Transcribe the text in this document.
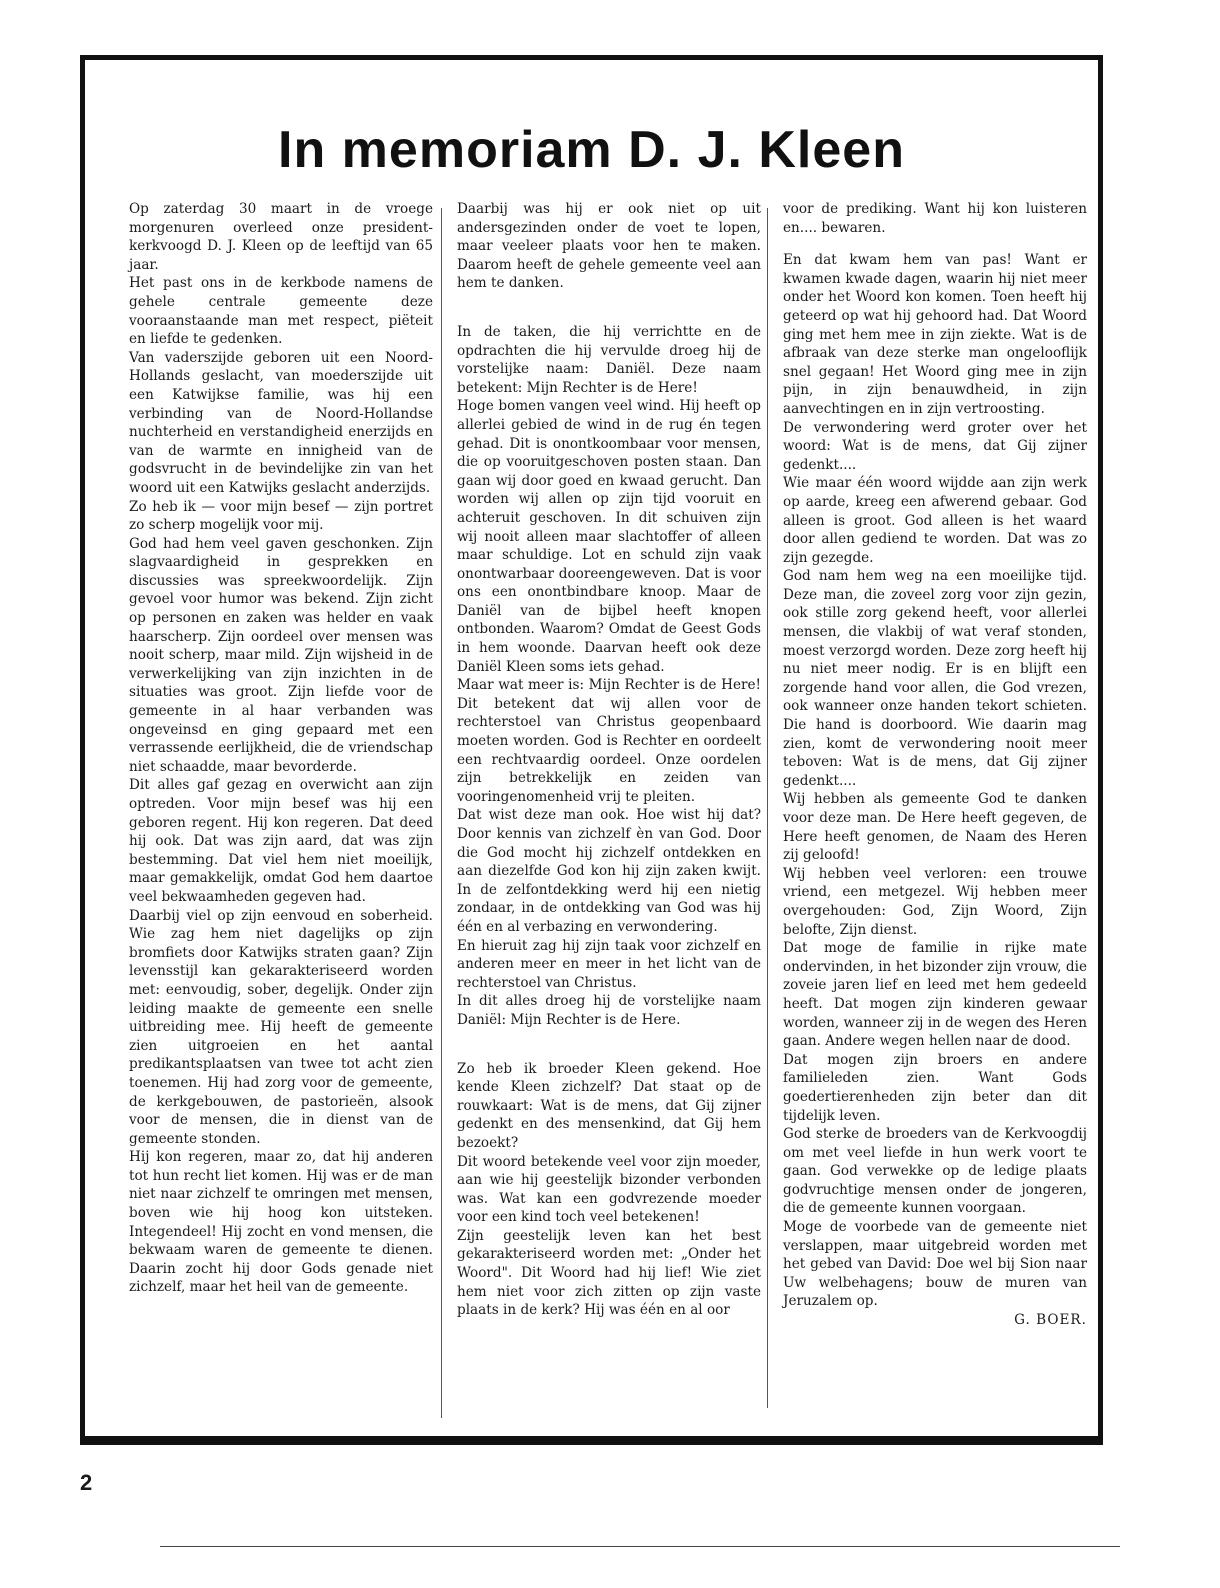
In memoriam D. J. Kleen

Op zaterdag 30 maart in de vroege morgenuren overleed onze president-kerkvoogd D. J. Kleen op de leeftijd van 65 jaar.

Het past ons in de kerkbode namens de gehele centrale gemeente deze vooraanstaande man met respect, piëteit en liefde te gedenken.

Van vaderszijde geboren uit een Noord-Hollands geslacht, van moederszijde uit een Katwijkse familie, was hij een verbinding van de Noord-Hollandse nuchterheid en verstandigheid enerzijds en van de warmte en innigheid van de godsvrucht in de bevindelijke zin van het woord uit een Katwijks geslacht anderzijds.

Zo heb ik — voor mijn besef — zijn portret zo scherp mogelijk voor mij.

God had hem veel gaven geschonken. Zijn slagvaardigheid in gesprekken en discussies was spreekwoordelijk. Zijn gevoel voor humor was bekend. Zijn zicht op personen en zaken was helder en vaak haarscherp. Zijn oordeel over mensen was nooit scherp, maar mild. Zijn wijsheid in de verwerkelijking van zijn inzichten in de situaties was groot. Zijn liefde voor de gemeente in al haar verbanden was ongeveinsd en ging gepaard met een verrassende eerlijkheid, die de vriendschap niet schaadde, maar bevorderde.

Dit alles gaf gezag en overwicht aan zijn optreden. Voor mijn besef was hij een geboren regent. Hij kon regeren. Dat deed hij ook. Dat was zijn aard, dat was zijn bestemming. Dat viel hem niet moeilijk, maar gemakkelijk, omdat God hem daartoe veel bekwaamheden gegeven had.

Daarbij viel op zijn eenvoud en soberheid. Wie zag hem niet dagelijks op zijn bromfiets door Katwijks straten gaan? Zijn levensstijl kan gekarakteriseerd worden met: eenvoudig, sober, degelijk. Onder zijn leiding maakte de gemeente een snelle uitbreiding mee. Hij heeft de gemeente zien uitgroeien en het aantal predikantsplaatsen van twee tot acht zien toenemen. Hij had zorg voor de gemeente, de kerkgebouwen, de pastorieën, alsook voor de mensen, die in dienst van de gemeente stonden.

Hij kon regeren, maar zo, dat hij anderen tot hun recht liet komen. Hij was er de man niet naar zichzelf te omringen met mensen, boven wie hij hoog kon uitsteken. Integendeel! Hij zocht en vond mensen, die bekwaam waren de gemeente te dienen. Daarin zocht hij door Gods genade niet zichzelf, maar het heil van de gemeente.

Daarbij was hij er ook niet op uit andersgezinden onder de voet te lopen, maar veeleer plaats voor hen te maken. Daarom heeft de gehele gemeente veel aan hem te danken.

In de taken, die hij verrichtte en de opdrachten die hij vervulde droeg hij de vorstelijke naam: Daniël. Deze naam betekent: Mijn Rechter is de Here!

Hoge bomen vangen veel wind. Hij heeft op allerlei gebied de wind in de rug én tegen gehad. Dit is onontkoombaar voor mensen, die op vooruitgeschoven posten staan. Dan gaan wij door goed en kwaad gerucht. Dan worden wij allen op zijn tijd vooruit en achteruit geschoven. In dit schuiven zijn wij nooit alleen maar slachtoffer of alleen maar schuldige. Lot en schuld zijn vaak onontwarbaar dooreengeweven. Dat is voor ons een onontbindbare knoop. Maar de Daniël van de bijbel heeft knopen ontbonden. Waarom? Omdat de Geest Gods in hem woonde. Daarvan heeft ook deze Daniël Kleen soms iets gehad.

Maar wat meer is: Mijn Rechter is de Here! Dit betekent dat wij allen voor de rechterstoel van Christus geopenbaard moeten worden. God is Rechter en oordeelt een rechtvaardig oordeel. Onze oordelen zijn betrekkelijk en zeiden van vooringenomenheid vrij te pleiten.

Dat wist deze man ook. Hoe wist hij dat? Door kennis van zichzelf èn van God. Door die God mocht hij zichzelf ontdekken en aan diezelfde God kon hij zijn zaken kwijt. In de zelfontdekking werd hij een nietig zondaar, in de ontdekking van God was hij één en al verbazing en verwondering.

En hieruit zag hij zijn taak voor zichzelf en anderen meer en meer in het licht van de rechterstoel van Christus.

In dit alles droeg hij de vorstelijke naam Daniël: Mijn Rechter is de Here.

Zo heb ik broeder Kleen gekend. Hoe kende Kleen zichzelf? Dat staat op de rouwkaart: Wat is de mens, dat Gij zijner gedenkt en des mensenkind, dat Gij hem bezoekt?

Dit woord betekende veel voor zijn moeder, aan wie hij geestelijk bizonder verbonden was. Wat kan een godvrezende moeder voor een kind toch veel betekenen!

Zijn geestelijk leven kan het best gekarakteriseerd worden met: „Onder het Woord". Dit Woord had hij lief! Wie ziet hem niet voor zich zitten op zijn vaste plaats in de kerk? Hij was één en al oor

voor de prediking. Want hij kon luisteren en.... bewaren.

En dat kwam hem van pas! Want er kwamen kwade dagen, waarin hij niet meer onder het Woord kon komen. Toen heeft hij geteerd op wat hij gehoord had. Dat Woord ging met hem mee in zijn ziekte. Wat is de afbraak van deze sterke man ongelooflijk snel gegaan! Het Woord ging mee in zijn pijn, in zijn benauwdheid, in zijn aanvechtingen en in zijn vertroosting.

De verwondering werd groter over het woord: Wat is de mens, dat Gij zijner gedenkt....

Wie maar één woord wijdde aan zijn werk op aarde, kreeg een afwerend gebaar. God alleen is groot. God alleen is het waard door allen gediend te worden. Dat was zo zijn gezegde.

God nam hem weg na een moeilijke tijd. Deze man, die zoveel zorg voor zijn gezin, ook stille zorg gekend heeft, voor allerlei mensen, die vlakbij of wat veraf stonden, moest verzorgd worden. Deze zorg heeft hij nu niet meer nodig. Er is en blijft een zorgende hand voor allen, die God vrezen, ook wanneer onze handen tekort schieten. Die hand is doorboord. Wie daarin mag zien, komt de verwondering nooit meer teboven: Wat is de mens, dat Gij zijner gedenkt....

Wij hebben als gemeente God te danken voor deze man. De Here heeft gegeven, de Here heeft genomen, de Naam des Heren zij geloofd!

Wij hebben veel verloren: een trouwe vriend, een metgezel. Wij hebben meer overgehouden: God, Zijn Woord, Zijn belofte, Zijn dienst.

Dat moge de familie in rijke mate ondervinden, in het bizonder zijn vrouw, die zoveie jaren lief en leed met hem gedeeld heeft. Dat mogen zijn kinderen gewaar worden, wanneer zij in de wegen des Heren gaan. Andere wegen hellen naar de dood.

Dat mogen zijn broers en andere familieleden zien. Want Gods goedertierenheden zijn beter dan dit tijdelijk leven.

God sterke de broeders van de Kerkvoogdij om met veel liefde in hun werk voort te gaan. God verwekke op de ledige plaats godvruchtige mensen onder de jongeren, die de gemeente kunnen voorgaan.

Moge de voorbede van de gemeente niet verslappen, maar uitgebreid worden met het gebed van David: Doe wel bij Sion naar Uw welbehagens; bouw de muren van Jeruzalem op.

G. BOER.

2
